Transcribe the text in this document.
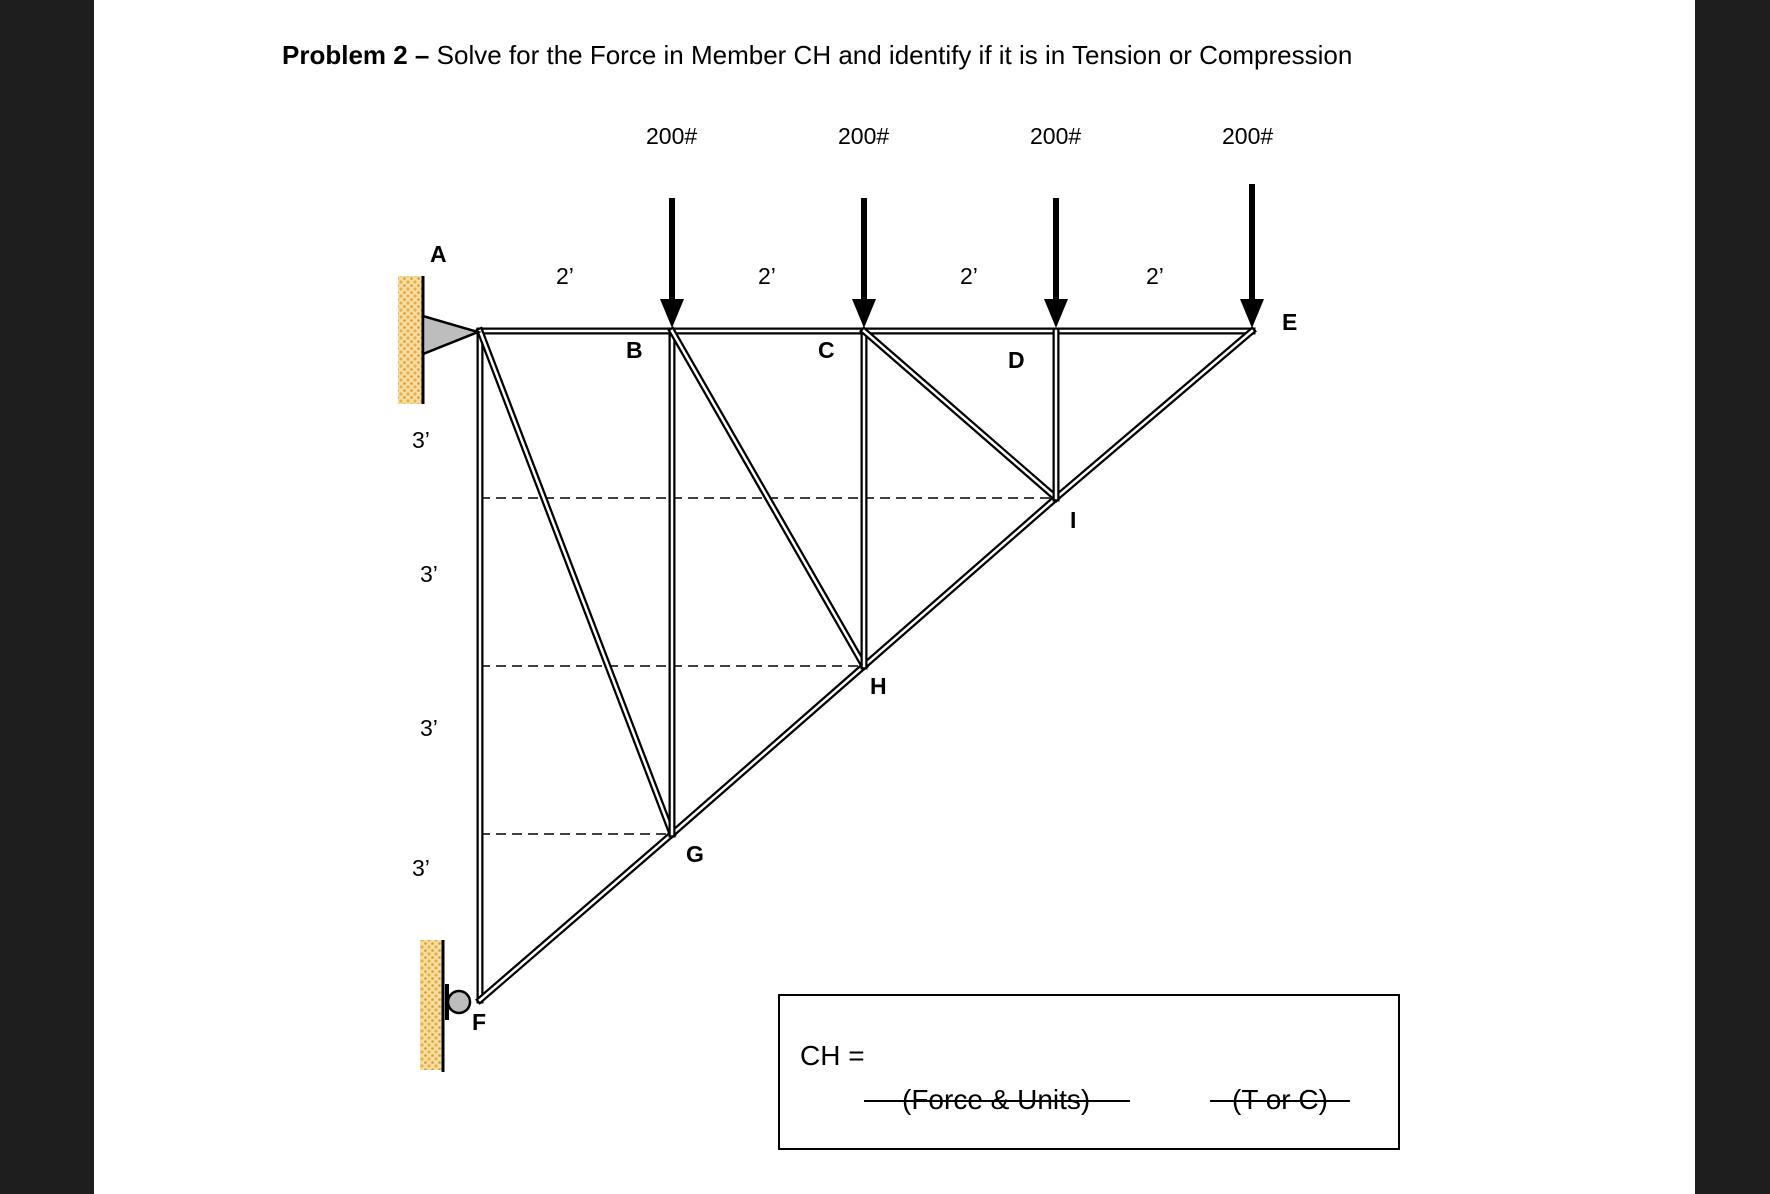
Problem 2 – Solve for the Force in Member CH and identify if it is in Tension or Compression
CH =
(Force & Units)	(T or C)
A
B	C	D
E
F
G
H
I
200#	200#	200#	200#
2’	2’	2’	2’
3’
3’
3’
3’
